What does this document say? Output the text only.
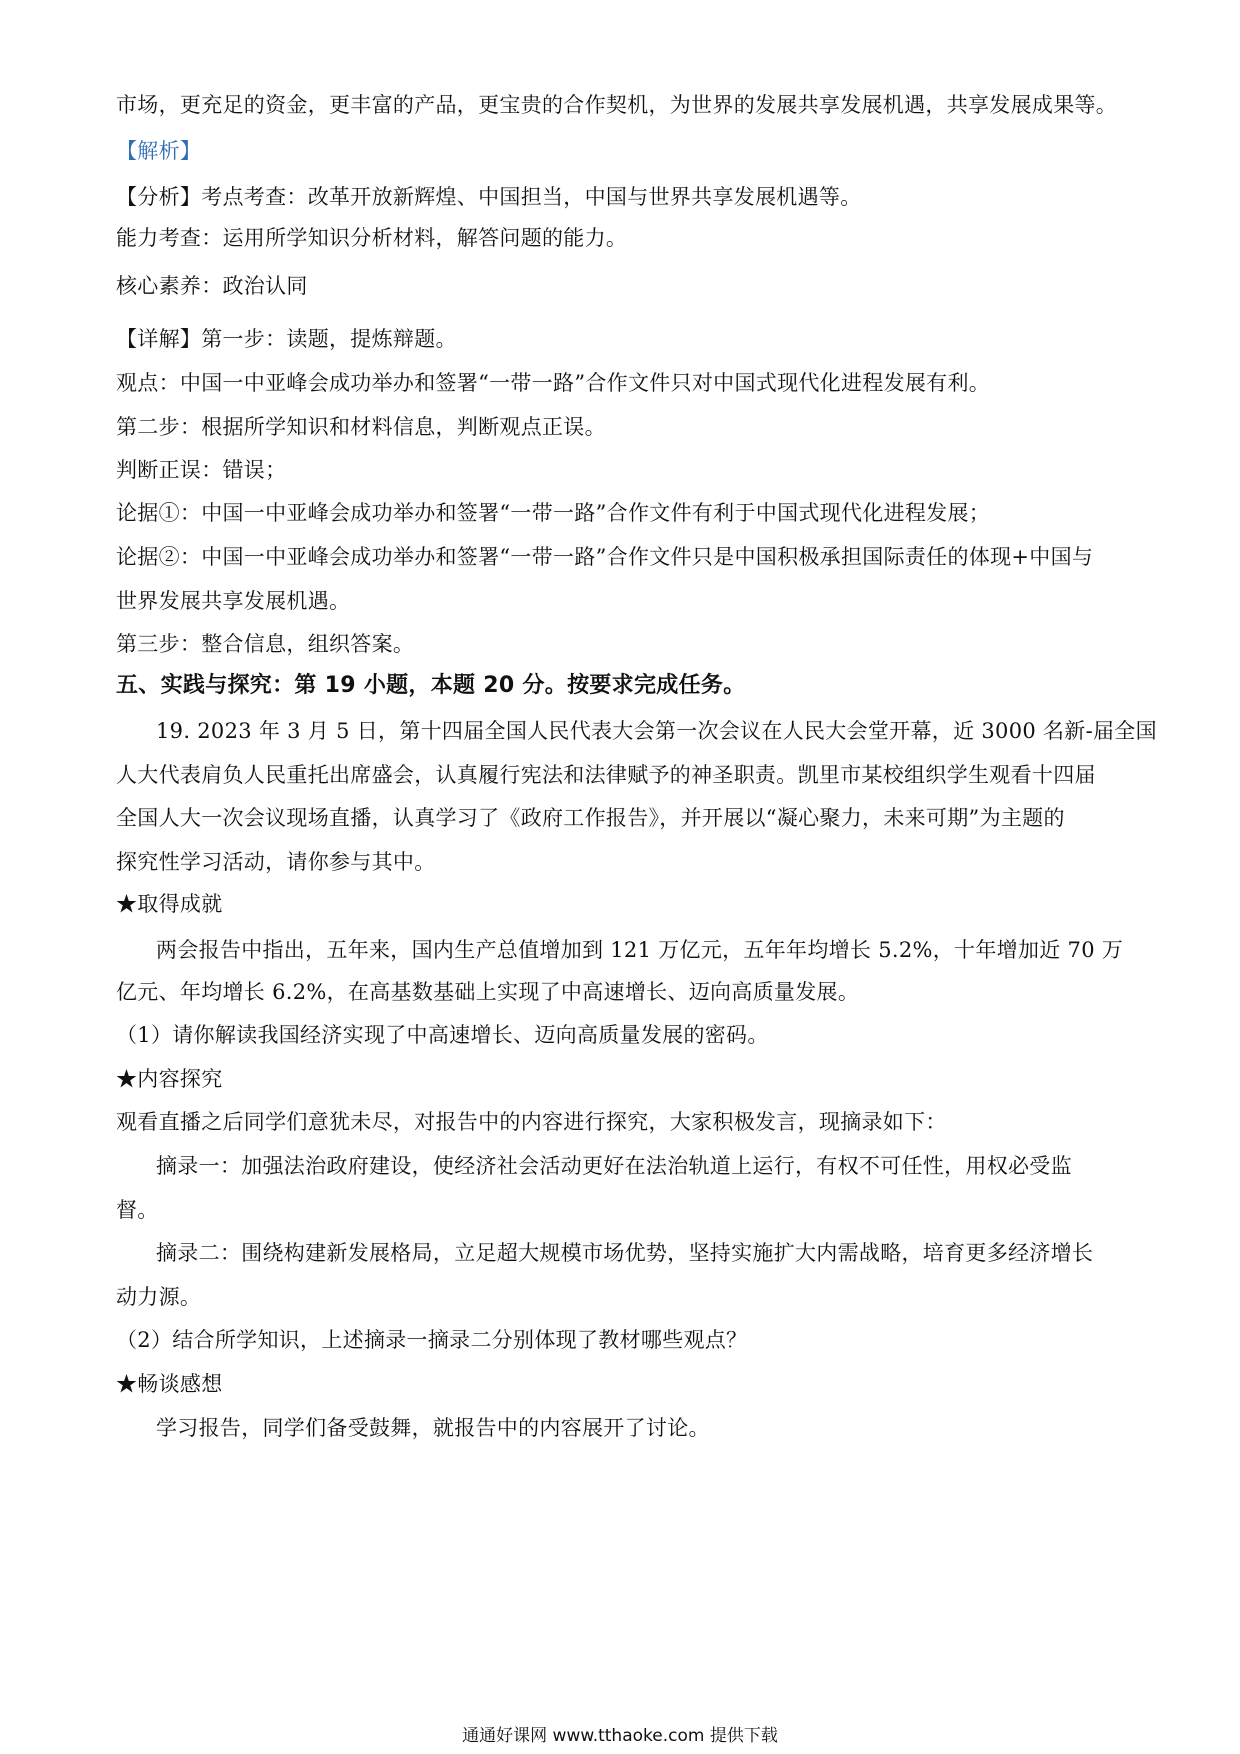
市场，更充足的资金，更丰富的产品，更宝贵的合作契机，为世界的发展共享发展机遇，共享发展成果等。
【解析】
【分析】考点考查：改革开放新辉煌、中国担当，中国与世界共享发展机遇等。
能力考查：运用所学知识分析材料，解答问题的能力。
核心素养：政治认同
【详解】第一步：读题，提炼辩题。
观点：中国一中亚峰会成功举办和签署“一带一路”合作文件只对中国式现代化进程发展有利。
第二步：根据所学知识和材料信息，判断观点正误。
判断正误：错误；
论据①：中国一中亚峰会成功举办和签署“一带一路”合作文件有利于中国式现代化进程发展；
论据②：中国一中亚峰会成功举办和签署“一带一路”合作文件只是中国积极承担国际责任的体现+中国与
世界发展共享发展机遇。
第三步：整合信息，组织答案。
五、实践与探究：第 19 小题，本题 20 分。按要求完成任务。
19. 2023 年 3 月 5 日，第十四届全国人民代表大会第一次会议在人民大会堂开幕，近 3000 名新-届全国
人大代表肩负人民重托出席盛会，认真履行宪法和法律赋予的神圣职责。凯里市某校组织学生观看十四届
全国人大一次会议现场直播，认真学习了《政府工作报告》，并开展以“凝心聚力，未来可期”为主题的
探究性学习活动，请你参与其中。
★取得成就
两会报告中指出，五年来，国内生产总值增加到 121 万亿元，五年年均增长 5.2%，十年增加近 70 万
亿元、年均增长 6.2%，在高基数基础上实现了中高速增长、迈向高质量发展。
（1）请你解读我国经济实现了中高速增长、迈向高质量发展的密码。
★内容探究
观看直播之后同学们意犹未尽，对报告中的内容进行探究，大家积极发言，现摘录如下：
摘录一：加强法治政府建设，使经济社会活动更好在法治轨道上运行，有权不可任性，用权必受监
督。
摘录二：围绕构建新发展格局，立足超大规模市场优势，坚持实施扩大内需战略，培育更多经济增长
动力源。
（2）结合所学知识，上述摘录一摘录二分别体现了教材哪些观点？
★畅谈感想
学习报告，同学们备受鼓舞，就报告中的内容展开了讨论。
通通好课网 www.tthaoke.com 提供下载
